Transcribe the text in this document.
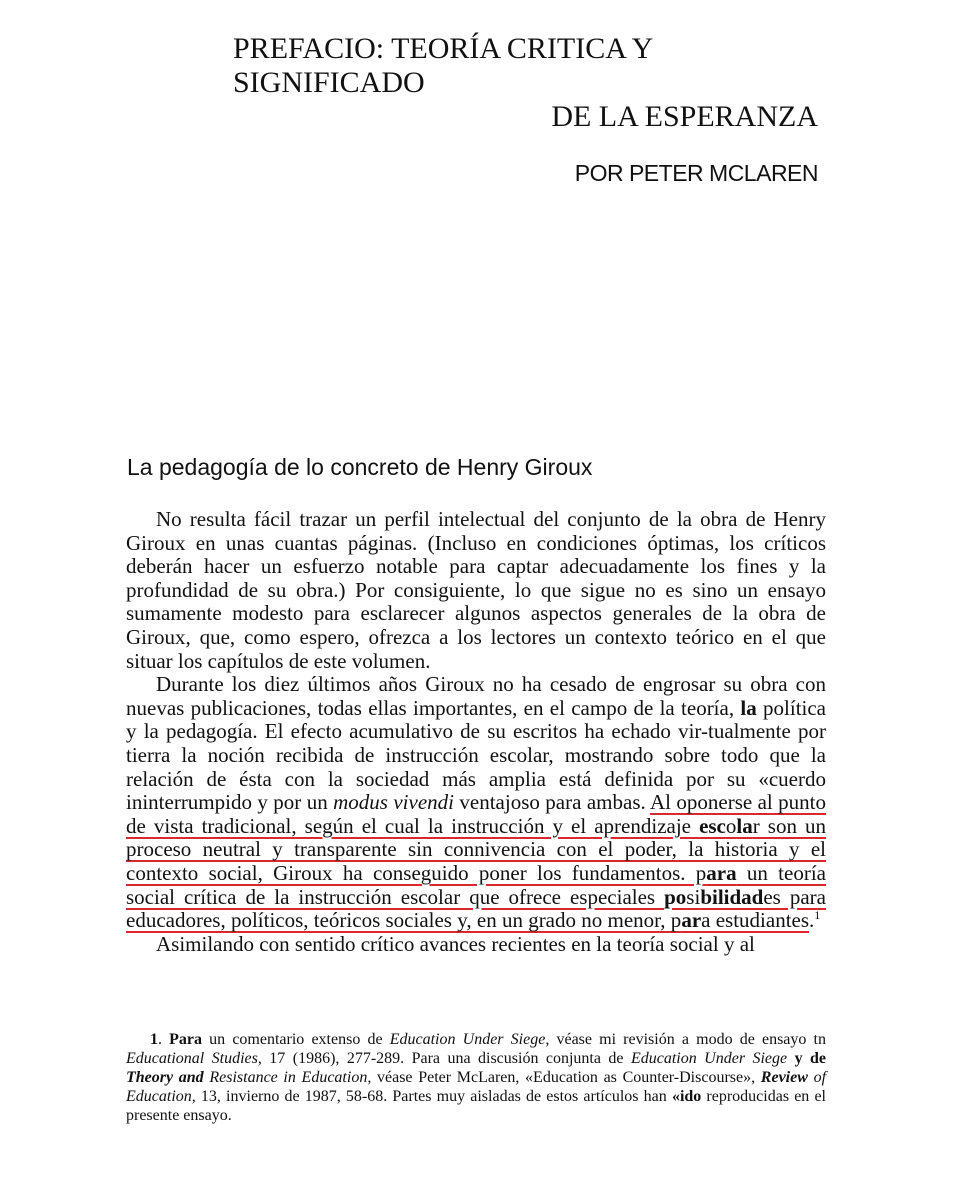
PREFACIO: TEORÍA CRITICA Y
SIGNIFICADO
DE LA ESPERANZA
POR PETER MCLAREN
La pedagogía de lo concreto de Henry Giroux

No resulta fácil trazar un perfil intelectual del conjunto de la obra de Henry Giroux en unas cuantas páginas. (Incluso en condiciones óptimas, los críticos deberán hacer un esfuerzo notable para captar adecuadamente los fines y la profundidad de su obra.) Por consiguiente, lo que sigue no es sino un ensayo sumamente modesto para esclarecer algunos aspectos generales de la obra de Giroux, que, como espero, ofrezca a los lectores un contexto teórico en el que situar los capítulos de este volumen.

Durante los diez últimos años Giroux no ha cesado de engrosar su obra con nuevas publicaciones, todas ellas importantes, en el campo de la teoría, la política y la pedagogía. El efecto acumulativo de su escritos ha echado vir-tualmente por tierra la noción recibida de instrucción escolar, mostrando sobre todo que la relación de ésta con la sociedad más amplia está definida por su «cuerdo ininterrumpido y por un modus vivendi ventajoso para ambas. Al oponerse al punto de vista tradicional, según el cual la instrucción y el aprendizaje escolar son un proceso neutral y transparente sin connivencia con el poder, la historia y el contexto social, Giroux ha conseguido poner los fundamentos. para un teoría social crítica de la instrucción escolar que ofrece especiales posibilidades para educadores, políticos, teóricos sociales y, en un grado no menor, para estudiantes.$^1$

Asimilando con sentido crítico avances recientes en la teoría social y al

1. Para un comentario extenso de Education Under Siege, véase mi revisión a modo de ensayo tn Educational Studies, 17 (1986), 277-289. Para una discusión conjunta de Education Under Siege y de Theory and Resistance in Education, véase Peter McLaren, «Education as Counter-Discourse», Review of Education, 13, invierno de 1987, 58-68. Partes muy aisladas de estos artículos han «ido reproducidas en el presente ensayo.
